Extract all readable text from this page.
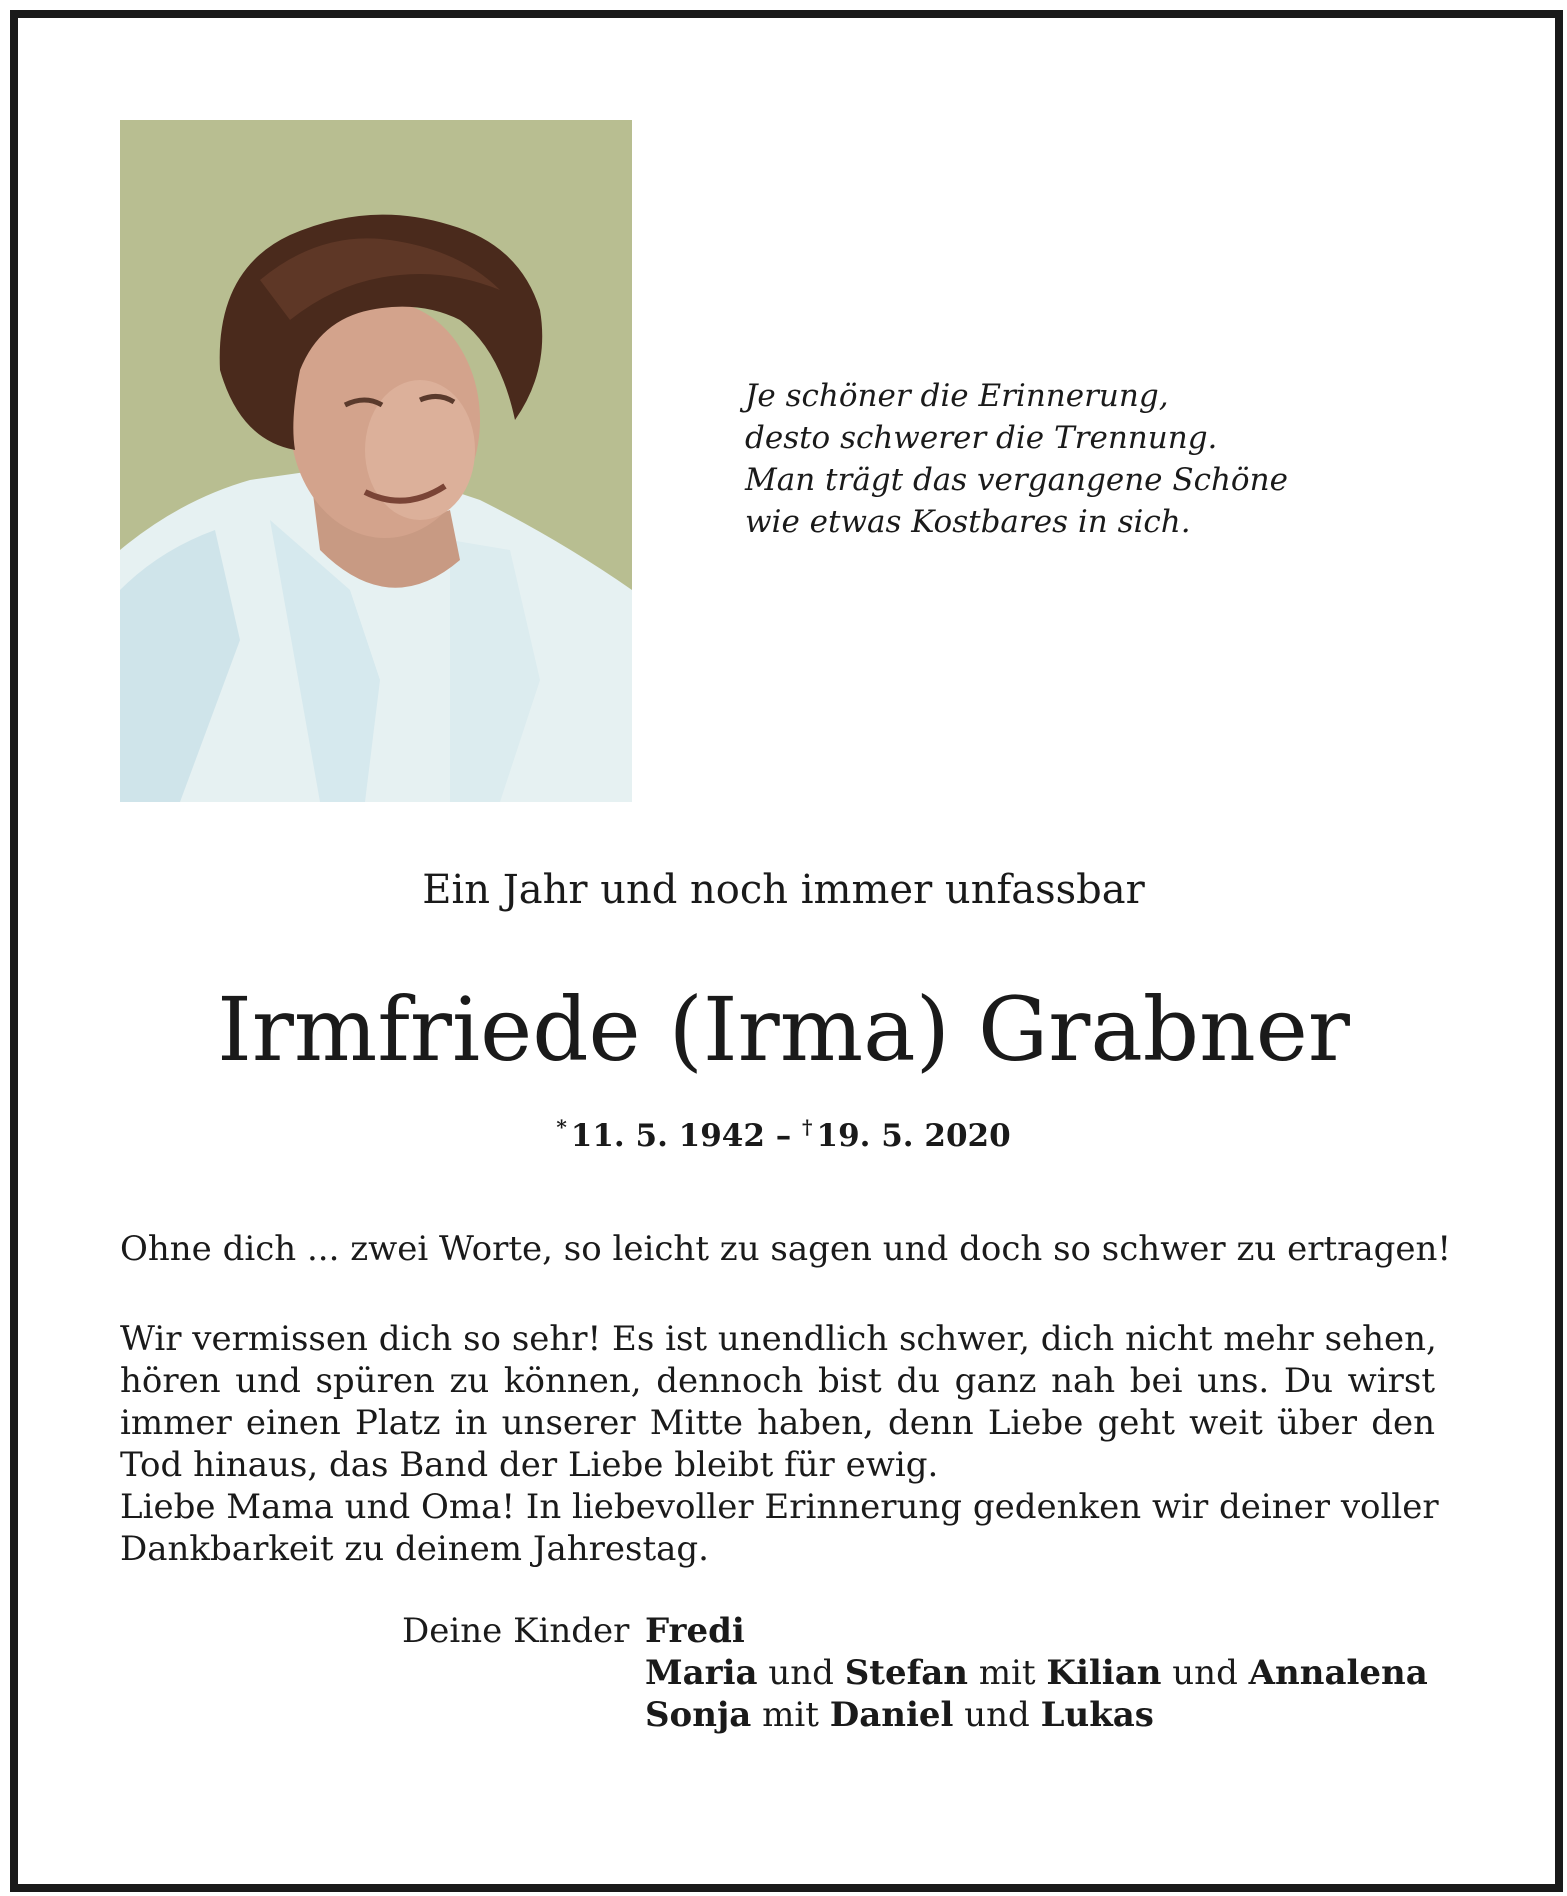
Je schöner die Erinnerung,
desto schwerer die Trennung.
Man trägt das vergangene Schöne
wie etwas Kostbares in sich.
Ein Jahr und noch immer unfassbar
Irmfriede (Irma) Grabner
* 11. 5. 1942 – † 19. 5. 2020
Ohne dich ... zwei Worte, so leicht zu sagen und doch so schwer zu ertragen!
Wir vermissen dich so sehr! Es ist unendlich schwer, dich nicht mehr sehen,
hören und spüren zu können, dennoch bist du ganz nah bei uns. Du wirst
immer einen Platz in unserer Mitte haben, denn Liebe geht weit über den
Tod hinaus, das Band der Liebe bleibt für ewig.
Liebe Mama und Oma! In liebevoller Erinnerung gedenken wir deiner voller
Dankbarkeit zu deinem Jahrestag.
Deine Kinder Fredi
Maria und Stefan mit Kilian und Annalena
Sonja mit Daniel und Lukas
